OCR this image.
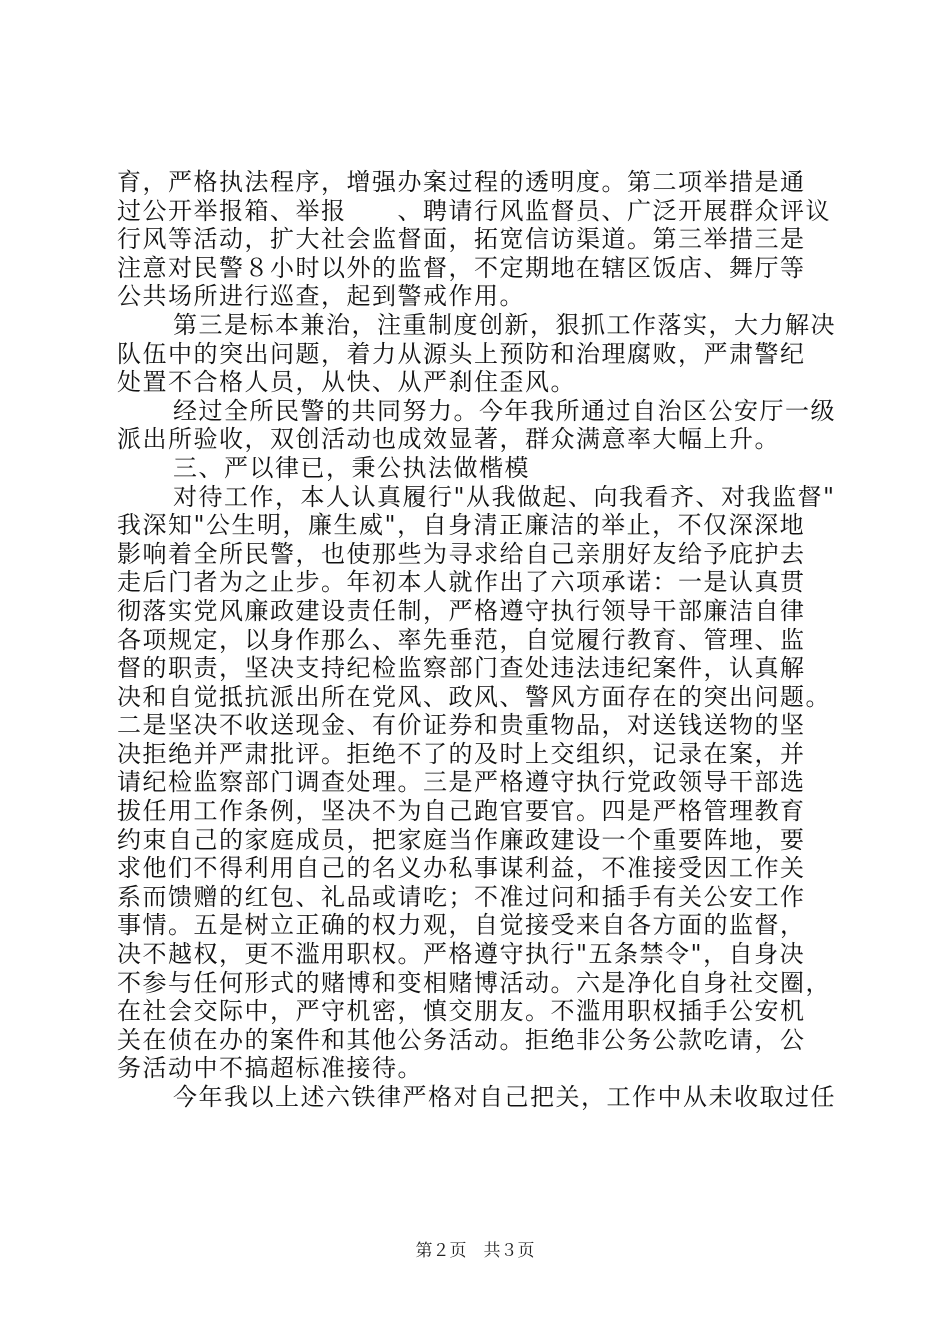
育，严格执法程序，增强办案过程的透明度。第二项举措是通
过公开举报箱、举报　　、聘请行风监督员、广泛开展群众评议
行风等活动，扩大社会监督面，拓宽信访渠道。第三举措三是
注意对民警８小时以外的监督，不定期地在辖区饭店、舞厅等
公共场所进行巡查，起到警戒作用。
第三是标本兼治，注重制度创新，狠抓工作落实，大力解决
队伍中的突出问题，着力从源头上预防和治理腐败，严肃警纪
处置不合格人员，从快、从严刹住歪风。
经过全所民警的共同努力。今年我所通过自治区公安厅一级
派出所验收，双创活动也成效显著，群众满意率大幅上升。
三、严以律已，秉公执法做楷模
对待工作，本人认真履行"从我做起、向我看齐、对我监督"
我深知"公生明，廉生威"，自身清正廉洁的举止，不仅深深地
影响着全所民警，也使那些为寻求给自己亲朋好友给予庇护去
走后门者为之止步。年初本人就作出了六项承诺：一是认真贯
彻落实党风廉政建设责任制，严格遵守执行领导干部廉洁自律
各项规定，以身作那么、率先垂范，自觉履行教育、管理、监
督的职责，坚决支持纪检监察部门查处违法违纪案件，认真解
决和自觉抵抗派出所在党风、政风、警风方面存在的突出问题。
二是坚决不收送现金、有价证券和贵重物品，对送钱送物的坚
决拒绝并严肃批评。拒绝不了的及时上交组织，记录在案，并
请纪检监察部门调查处理。三是严格遵守执行党政领导干部选
拔任用工作条例，坚决不为自己跑官要官。四是严格管理教育
约束自己的家庭成员，把家庭当作廉政建设一个重要阵地，要
求他们不得利用自己的名义办私事谋利益，不准接受因工作关
系而馈赠的红包、礼品或请吃；不准过问和插手有关公安工作
事情。五是树立正确的权力观，自觉接受来自各方面的监督，
决不越权，更不滥用职权。严格遵守执行"五条禁令"，自身决
不参与任何形式的赌博和变相赌博活动。六是净化自身社交圈，
在社会交际中，严守机密，慎交朋友。不滥用职权插手公安机
关在侦在办的案件和其他公务活动。拒绝非公务公款吃请，公
务活动中不搞超标准接待。
今年我以上述六铁律严格对自己把关，工作中从未收取过任
第２页　共３页
